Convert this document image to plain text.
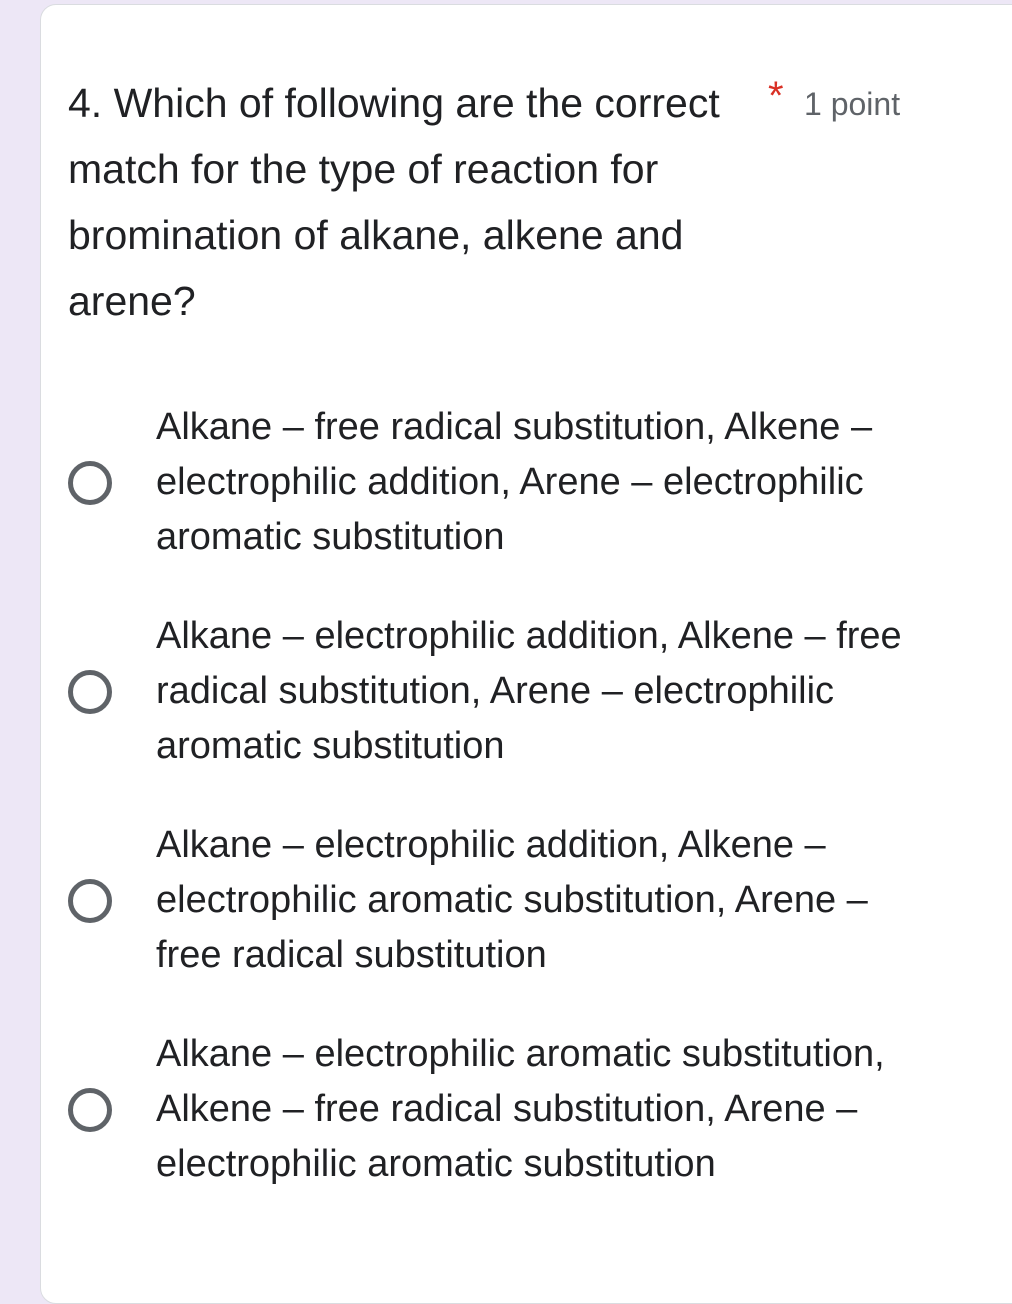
4. Which of following are the correct match for the type of reaction for bromination of alkane, alkene and arene?
* 1 point
Alkane – free radical substitution, Alkene – electrophilic addition, Arene – electrophilic aromatic substitution
Alkane – electrophilic addition, Alkene – free radical substitution, Arene – electrophilic aromatic substitution
Alkane – electrophilic addition, Alkene – electrophilic aromatic substitution, Arene –  free radical substitution
Alkane – electrophilic aromatic substitution, Alkene – free radical substitution, Arene – electrophilic aromatic substitution
